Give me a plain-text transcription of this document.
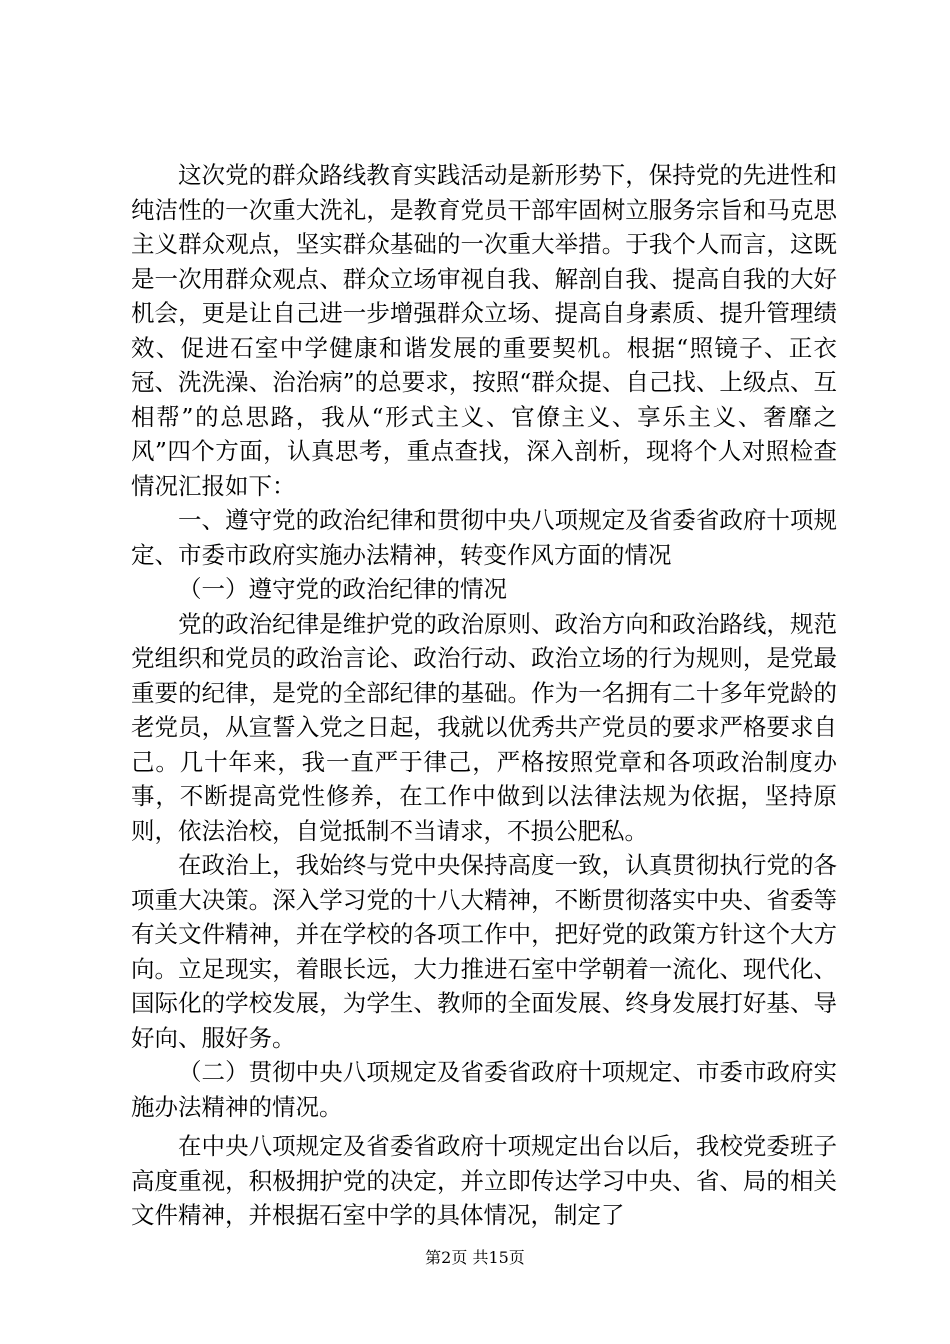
这次党的群众路线教育实践活动是新形势下，保持党的先进性和纯洁性的一次重大洗礼，是教育党员干部牢固树立服务宗旨和马克思主义群众观点，坚实群众基础的一次重大举措。于我个人而言，这既是一次用群众观点、群众立场审视自我、解剖自我、提高自我的大好机会，更是让自己进一步增强群众立场、提高自身素质、提升管理绩效、促进石室中学健康和谐发展的重要契机。根据“照镜子、正衣冠、洗洗澡、治治病”的总要求，按照“群众提、自己找、上级点、互相帮”的总思路，我从“形式主义、官僚主义、享乐主义、奢靡之风”四个方面，认真思考，重点查找，深入剖析，现将个人对照检查情况汇报如下：

一、遵守党的政治纪律和贯彻中央八项规定及省委省政府十项规定、市委市政府实施办法精神，转变作风方面的情况

（一）遵守党的政治纪律的情况

党的政治纪律是维护党的政治原则、政治方向和政治路线，规范党组织和党员的政治言论、政治行动、政治立场的行为规则，是党最重要的纪律，是党的全部纪律的基础。作为一名拥有二十多年党龄的老党员，从宣誓入党之日起，我就以优秀共产党员的要求严格要求自己。几十年来，我一直严于律己，严格按照党章和各项政治制度办事，不断提高党性修养，在工作中做到以法律法规为依据，坚持原则，依法治校，自觉抵制不当请求，不损公肥私。

在政治上，我始终与党中央保持高度一致，认真贯彻执行党的各项重大决策。深入学习党的十八大精神，不断贯彻落实中央、省委等有关文件精神，并在学校的各项工作中，把好党的政策方针这个大方向。立足现实，着眼长远，大力推进石室中学朝着一流化、现代化、国际化的学校发展，为学生、教师的全面发展、终身发展打好基、导好向、服好务。

（二）贯彻中央八项规定及省委省政府十项规定、市委市政府实施办法精神的情况。

在中央八项规定及省委省政府十项规定出台以后，我校党委班子高度重视，积极拥护党的决定，并立即传达学习中央、省、局的相关文件精神，并根据石室中学的具体情况，制定了

第2页 共15页
